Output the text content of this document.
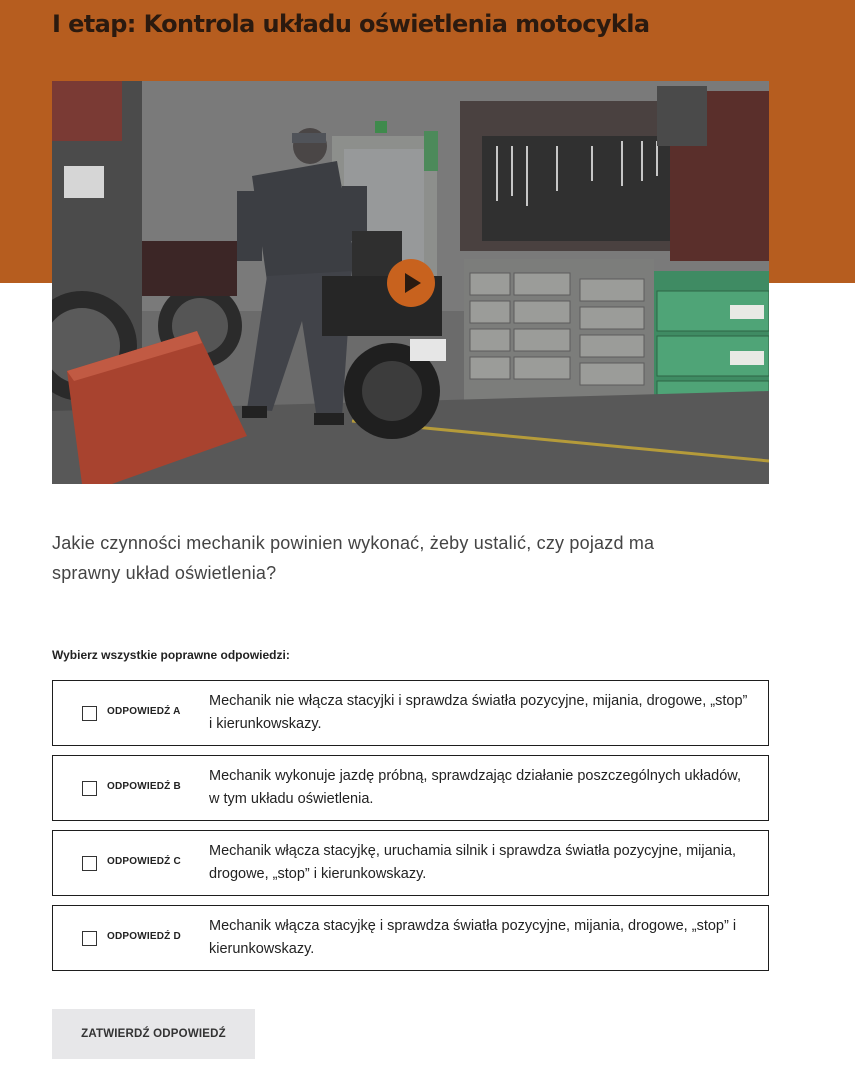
I etap: Kontrola układu oświetlenia motocykla

Jakie czynności mechanik powinien wykonać, żeby ustalić, czy pojazd ma sprawny układ oświetlenia?

Wybierz wszystkie poprawne odpowiedzi:
ODPOWIEDŹ A
Mechanik nie włącza stacyjki i sprawdza światła pozycyjne, mijania, drogowe, „stop” i kierunkowskazy.
ODPOWIEDŹ B
Mechanik wykonuje jazdę próbną, sprawdzając działanie poszczególnych układów, w tym układu oświetlenia.
ODPOWIEDŹ C
Mechanik włącza stacyjkę, uruchamia silnik i sprawdza światła pozycyjne, mijania, drogowe, „stop” i kierunkowskazy.
ODPOWIEDŹ D
Mechanik włącza stacyjkę i sprawdza światła pozycyjne, mijania, drogowe, „stop” i kierunkowskazy.
ZATWIERDŹ ODPOWIEDŹ
